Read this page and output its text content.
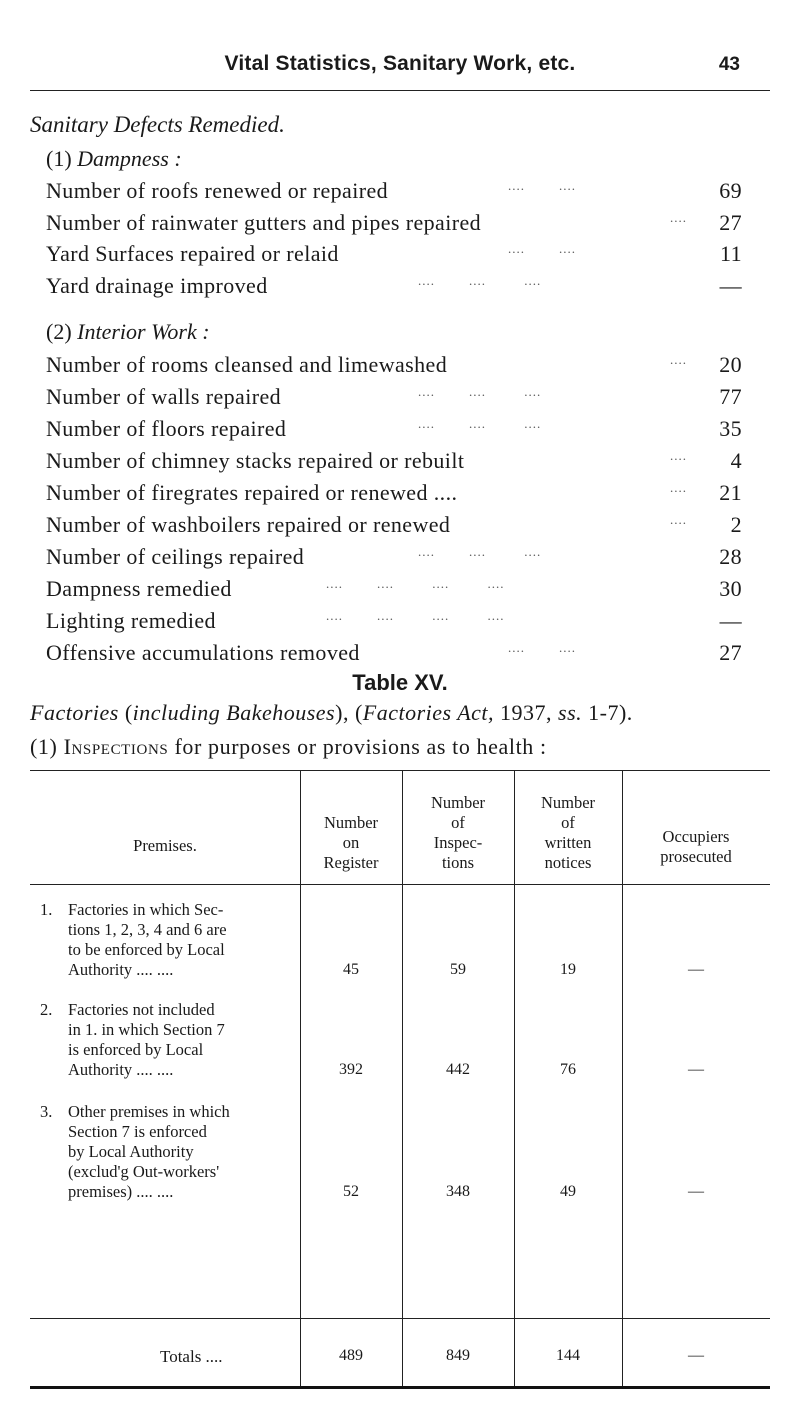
Vital Statistics, Sanitary Work, etc.	43
Sanitary Defects Remedied.
(1) Dampness :
Number of roofs renewed or repaired	....        ....	69
Number of rainwater gutters and pipes repaired	.... 27
Yard Surfaces repaired or relaid	....        ....	11
Yard drainage improved	....        ....         ....	—
(2) Interior Work :
Number of rooms cleansed and limewashed	.... 20
Number of walls repaired	....        ....         ....	77
Number of floors repaired	....        ....         ....	35
Number of chimney stacks repaired or rebuilt	.... 4
Number of firegrates repaired or renewed ....	.... 21
Number of washboilers repaired or renewed	.... 2
Number of ceilings repaired	....        ....         ....	28
Dampness remedied	....        ....         ....         ....	30
Lighting remedied	....        ....         ....         ....	—
Offensive accumulations removed	....        ....	27
Table XV.
Factories (including Bakehouses), (Factories Act, 1937, ss. 1-7).
(1) Inspections for purposes or provisions as to health :
Premises.
Number
on
Register
Number
of
Inspec-
tions
Number
of
written
notices
Occupiers
prosecuted
1. Factories in which Sec-
tions 1, 2, 3, 4 and 6 are
to be enforced by Local
Authority .... ....	45	59	19	—
2. Factories not included
in 1. in which Section 7
is enforced by Local
Authority .... ....	392	442	76	—
3. Other premises in which
Section 7 is enforced
by Local Authority
(exclud'g Out-workers'
premises) .... ....	52	348	49	—
Totals ....	489	849	144	—
